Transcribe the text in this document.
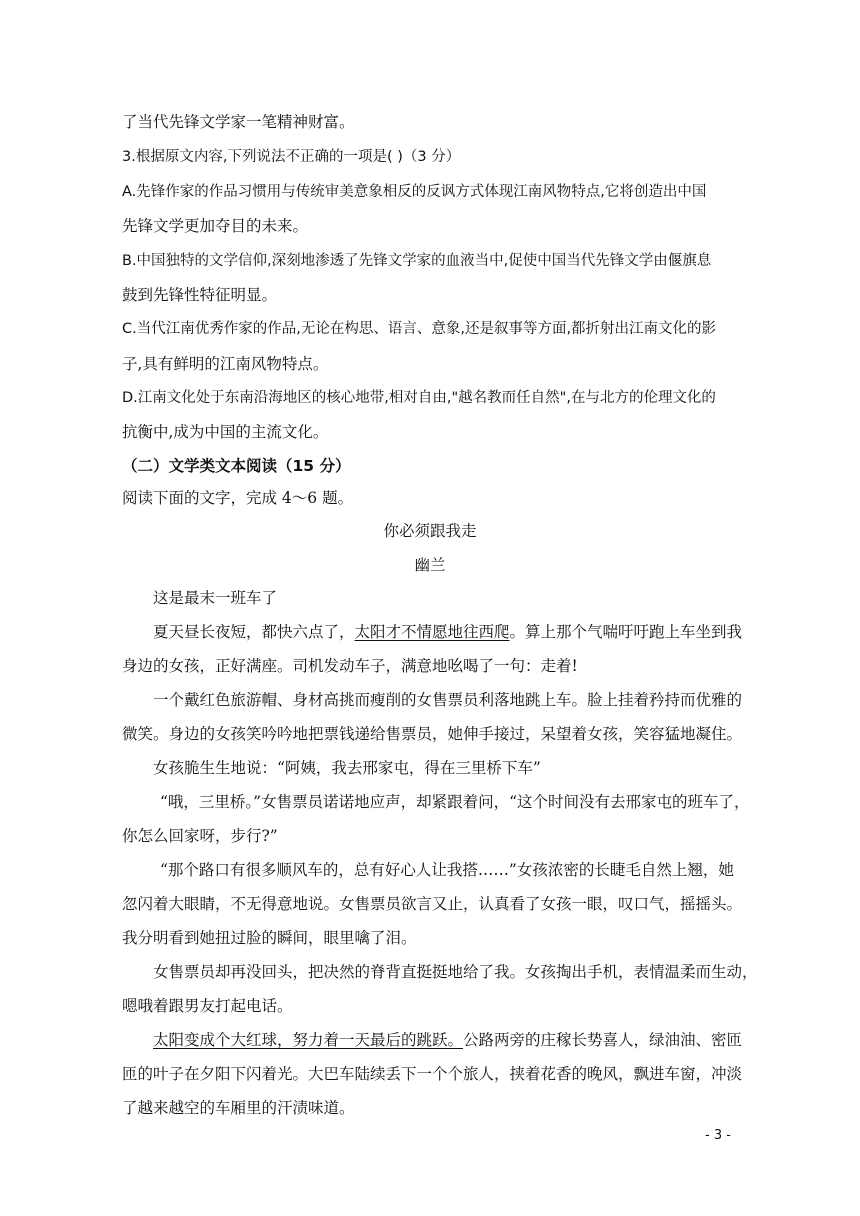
了当代先锋文学家一笔精神财富。
3.根据原文内容,下列说法不正确的一项是( )（3 分）
A.先锋作家的作品习惯用与传统审美意象相反的反讽方式体现江南风物特点,它将创造出中国
先锋文学更加夺目的未来。
B.中国独特的文学信仰,深刻地渗透了先锋文学家的血液当中,促使中国当代先锋文学由偃旗息
鼓到先锋性特征明显。
C.当代江南优秀作家的作品,无论在构思、语言、意象,还是叙事等方面,都折射出江南文化的影
子,具有鲜明的江南风物特点。
D.江南文化处于东南沿海地区的核心地带,相对自由,"越名教而任自然",在与北方的伦理文化的
抗衡中,成为中国的主流文化。
（二）文学类文本阅读（15 分）
阅读下面的文字，完成 4～6 题。
你必须跟我走
幽兰
这是最末一班车了
夏天昼长夜短，都快六点了，太阳才不情愿地往西爬。算上那个气喘吁吁跑上车坐到我
身边的女孩，正好满座。司机发动车子，满意地吆喝了一句：走着!
一个戴红色旅游帽、身材高挑而瘦削的女售票员利落地跳上车。脸上挂着矜持而优雅的
微笑。身边的女孩笑吟吟地把票钱递给售票员，她伸手接过，呆望着女孩，笑容猛地凝住。
女孩脆生生地说：“阿姨，我去邢家屯，得在三里桥下车”
“哦，三里桥。”女售票员诺诺地应声，却紧跟着问，“这个时间没有去邢家屯的班车了，
你怎么回家呀，步行?”
“那个路口有很多顺风车的，总有好心人让我搭……”女孩浓密的长睫毛自然上翘，她
忽闪着大眼睛，不无得意地说。女售票员欲言又止，认真看了女孩一眼，叹口气，摇摇头。
我分明看到她扭过脸的瞬间，眼里噙了泪。
女售票员却再没回头，把决然的脊背直挺挺地给了我。女孩掏出手机，表情温柔而生动，
嗯哦着跟男友打起电话。
太阳变成个大红球，努力着一天最后的跳跃。公路两旁的庄稼长势喜人，绿油油、密匝
匝的叶子在夕阳下闪着光。大巴车陆续丢下一个个旅人，挟着花香的晚风，飘进车窗，冲淡
了越来越空的车厢里的汗渍味道。
- 3 -
